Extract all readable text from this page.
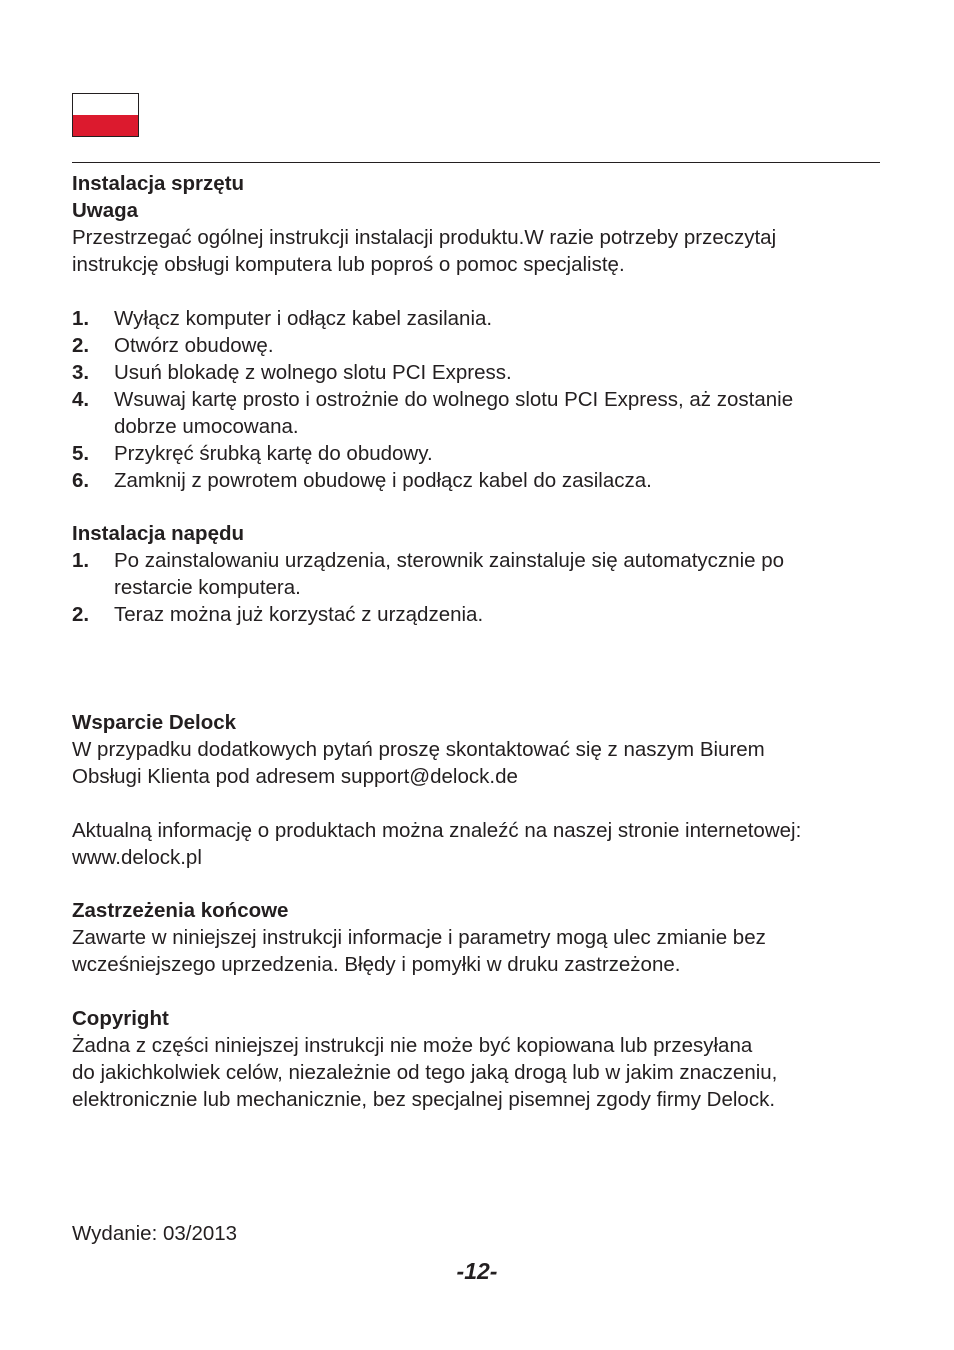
Instalacja sprzętu
Uwaga
Przestrzegać ogólnej instrukcji instalacji produktu.W razie potrzeby przeczytaj
instrukcję obsługi komputera lub poproś o pomoc specjalistę.
1. Wyłącz komputer i odłącz kabel zasilania.
2. Otwórz obudowę.
3. Usuń blokadę z wolnego slotu PCI Express.
4. Wsuwaj kartę prosto i ostrożnie do wolnego slotu PCI Express, aż zostanie
dobrze umocowana.
5. Przykręć śrubką kartę do obudowy.
6. Zamknij z powrotem obudowę i podłącz kabel do zasilacza.
Instalacja napędu
1. Po zainstalowaniu urządzenia, sterownik zainstaluje się automatycznie po
restarcie komputera.
2. Teraz można już korzystać z urządzenia.
Wsparcie Delock
W przypadku dodatkowych pytań proszę skontaktować się z naszym Biurem
Obsługi Klienta pod adresem support@delock.de
Aktualną informację o produktach można znaleźć na naszej stronie internetowej:
www.delock.pl
Zastrzeżenia końcowe
Zawarte w niniejszej instrukcji informacje i parametry mogą ulec zmianie bez
wcześniejszego uprzedzenia. Błędy i pomyłki w druku zastrzeżone.
Copyright
Żadna z części niniejszej instrukcji nie może być kopiowana lub przesyłana
do jakichkolwiek celów, niezależnie od tego jaką drogą lub w jakim znaczeniu,
elektronicznie lub mechanicznie, bez specjalnej pisemnej zgody firmy Delock.
Wydanie: 03/2013
-12-
